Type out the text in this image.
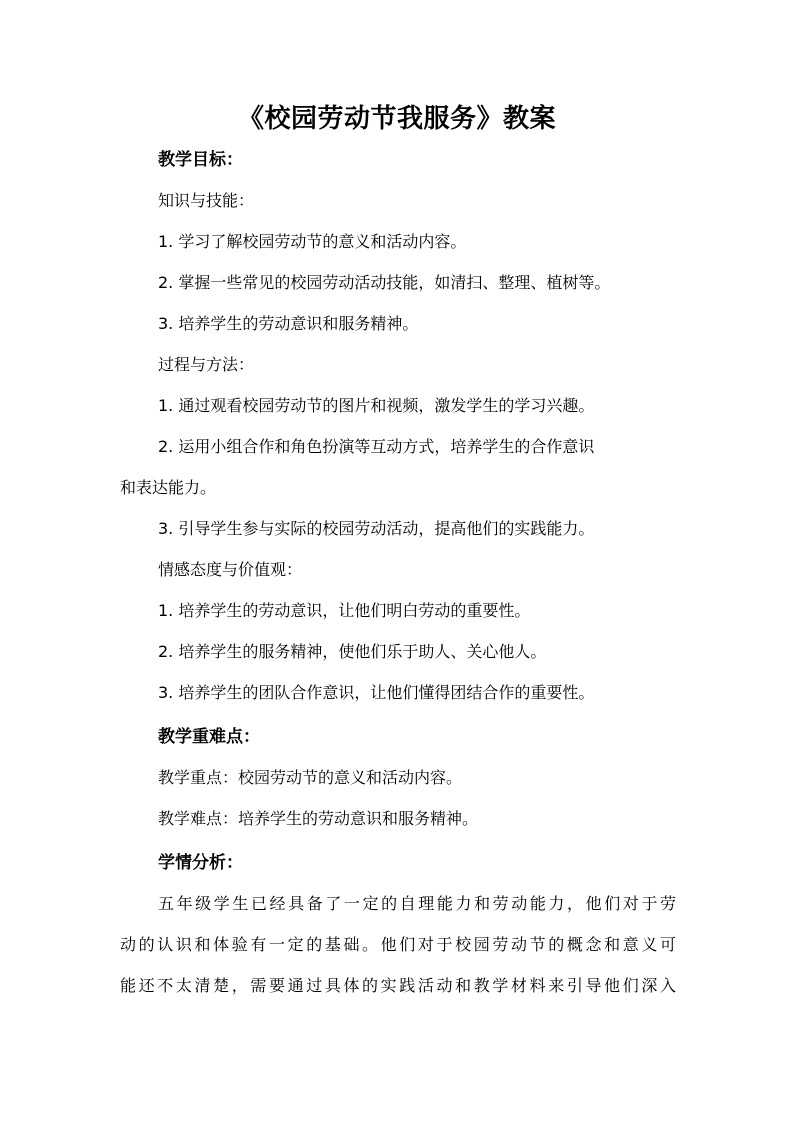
《校园劳动节我服务》教案
教学目标：
知识与技能：
1. 学习了解校园劳动节的意义和活动内容。
2. 掌握一些常见的校园劳动活动技能，如清扫、整理、植树等。
3. 培养学生的劳动意识和服务精神。
过程与方法：
1. 通过观看校园劳动节的图片和视频，激发学生的学习兴趣。
2. 运用小组合作和角色扮演等互动方式，培养学生的合作意识
和表达能力。
3. 引导学生参与实际的校园劳动活动，提高他们的实践能力。
情感态度与价值观：
1. 培养学生的劳动意识，让他们明白劳动的重要性。
2. 培养学生的服务精神，使他们乐于助人、关心他人。
3. 培养学生的团队合作意识，让他们懂得团结合作的重要性。
教学重难点：
教学重点：校园劳动节的意义和活动内容。
教学难点：培养学生的劳动意识和服务精神。
学情分析：
五年级学生已经具备了一定的自理能力和劳动能力，他们对于劳
动的认识和体验有一定的基础。他们对于校园劳动节的概念和意义可
能还不太清楚，需要通过具体的实践活动和教学材料来引导他们深入
